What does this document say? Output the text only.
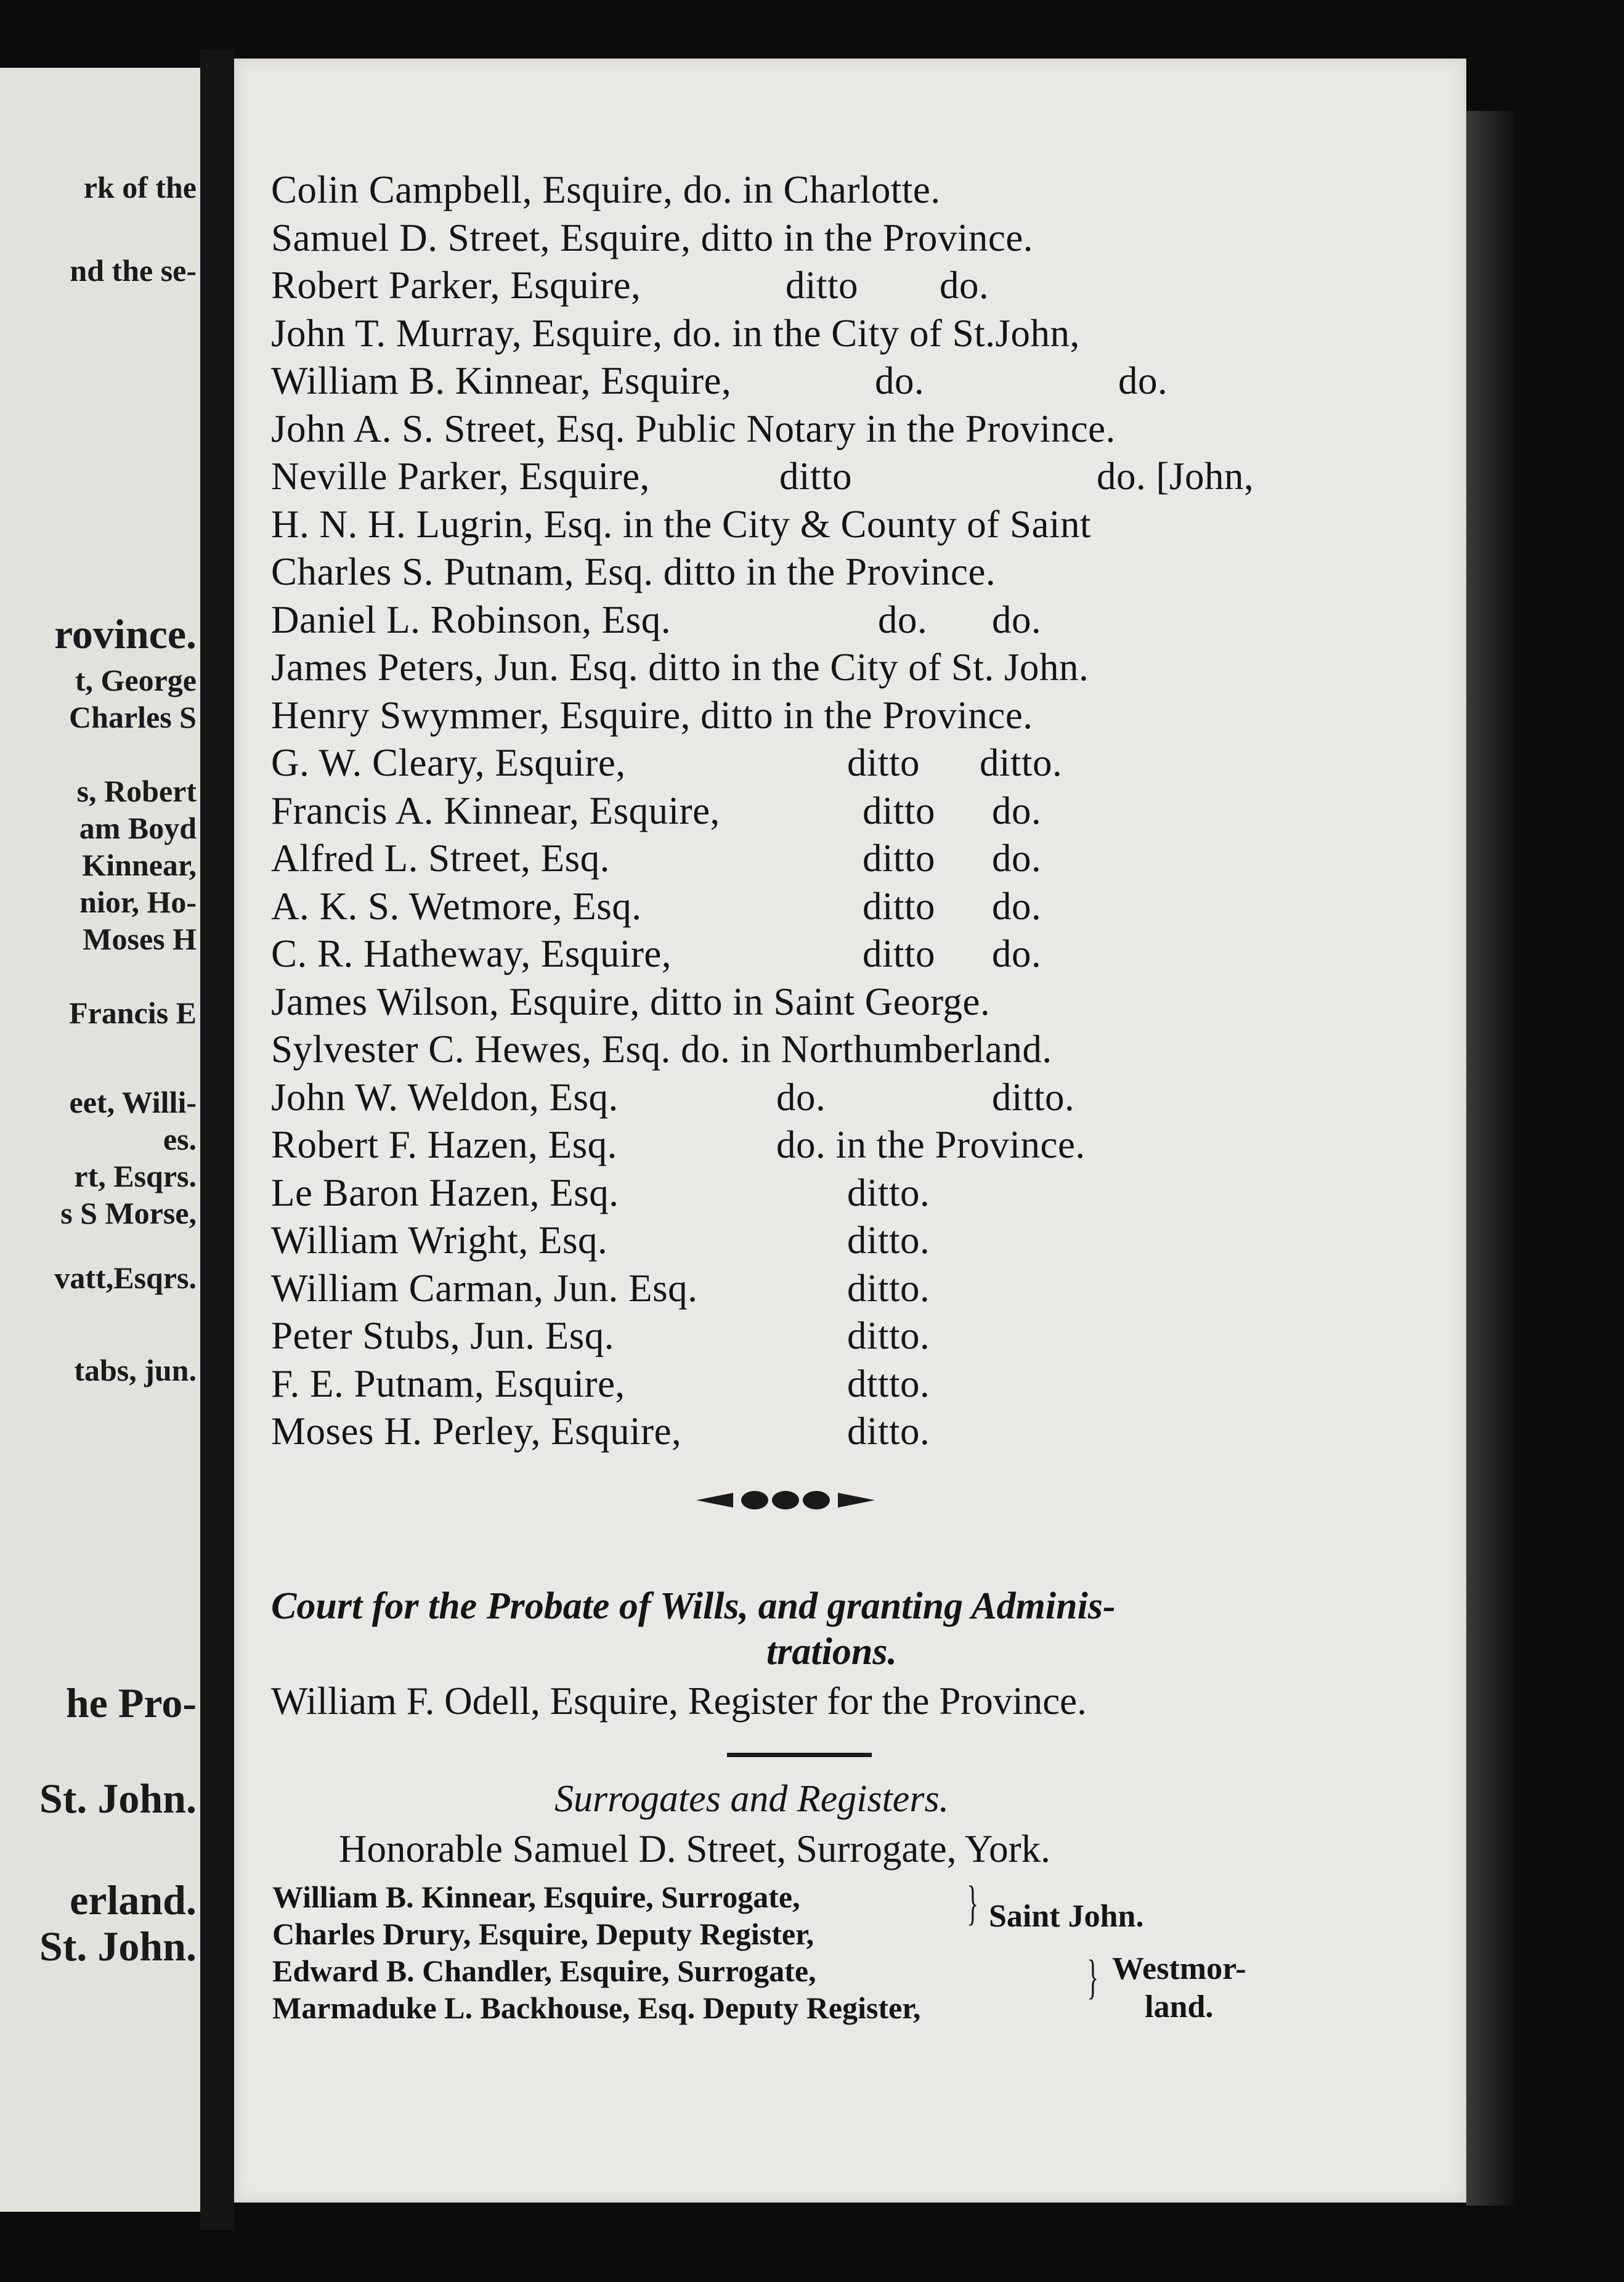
rk of the
nd the se-
rovince.
t, George
Charles S
s, Robert
am Boyd
Kinnear,
nior, Ho-
Moses H
Francis E
eet, Willi-
es.
rt, Esqrs.
s S Morse,
vatt,Esqrs.
tabs, jun.
he Pro-
St. John.
erland.
St. John.
Colin Campbell, Esquire, do. in Charlotte.
Samuel D. Street, Esquire, ditto in the Province.
Robert Parker, Esquire,	ditto do.
John T. Murray, Esquire, do. in the City of St.John,
William B. Kinnear, Esquire,	do.	do.
John A. S. Street, Esq. Public Notary in the Province.
Neville Parker, Esquire,	ditto	do. [John,
H. N. H. Lugrin, Esq. in the City & County of Saint
Charles S. Putnam, Esq. ditto in the Province.
Daniel L. Robinson, Esq.	do. do.
James Peters, Jun. Esq. ditto in the City of St. John.
Henry Swymmer, Esquire, ditto in the Province.
G. W. Cleary, Esquire,	ditto ditto.
Francis A. Kinnear, Esquire,	ditto do.
Alfred L. Street, Esq.	ditto do.
A. K. S. Wetmore, Esq.	ditto do.
C. R. Hatheway, Esquire,	ditto do.
James Wilson, Esquire, ditto in Saint George.
Sylvester C. Hewes, Esq. do. in Northumberland.
John W. Weldon, Esq.	do.	ditto.
Robert F. Hazen, Esq.	do. in the Province.
Le Baron Hazen, Esq.	ditto.
William Wright, Esq.	ditto.
William Carman, Jun. Esq.	ditto.
Peter Stubs, Jun. Esq.	ditto.
F. E. Putnam, Esquire,	dttto.
Moses H. Perley, Esquire,	ditto.
Court for the Probate of Wills, and granting Adminis-
trations.
William F. Odell, Esquire, Register for the Province.
Surrogates and Registers.
Honorable Samuel D. Street, Surrogate, York.
William B. Kinnear, Esquire, Surrogate,
Charles Drury, Esquire, Deputy Register,
} Saint John.
Edward B. Chandler, Esquire, Surrogate,
Marmaduke L. Backhouse, Esq. Deputy Register,
} Westmor-
land.
